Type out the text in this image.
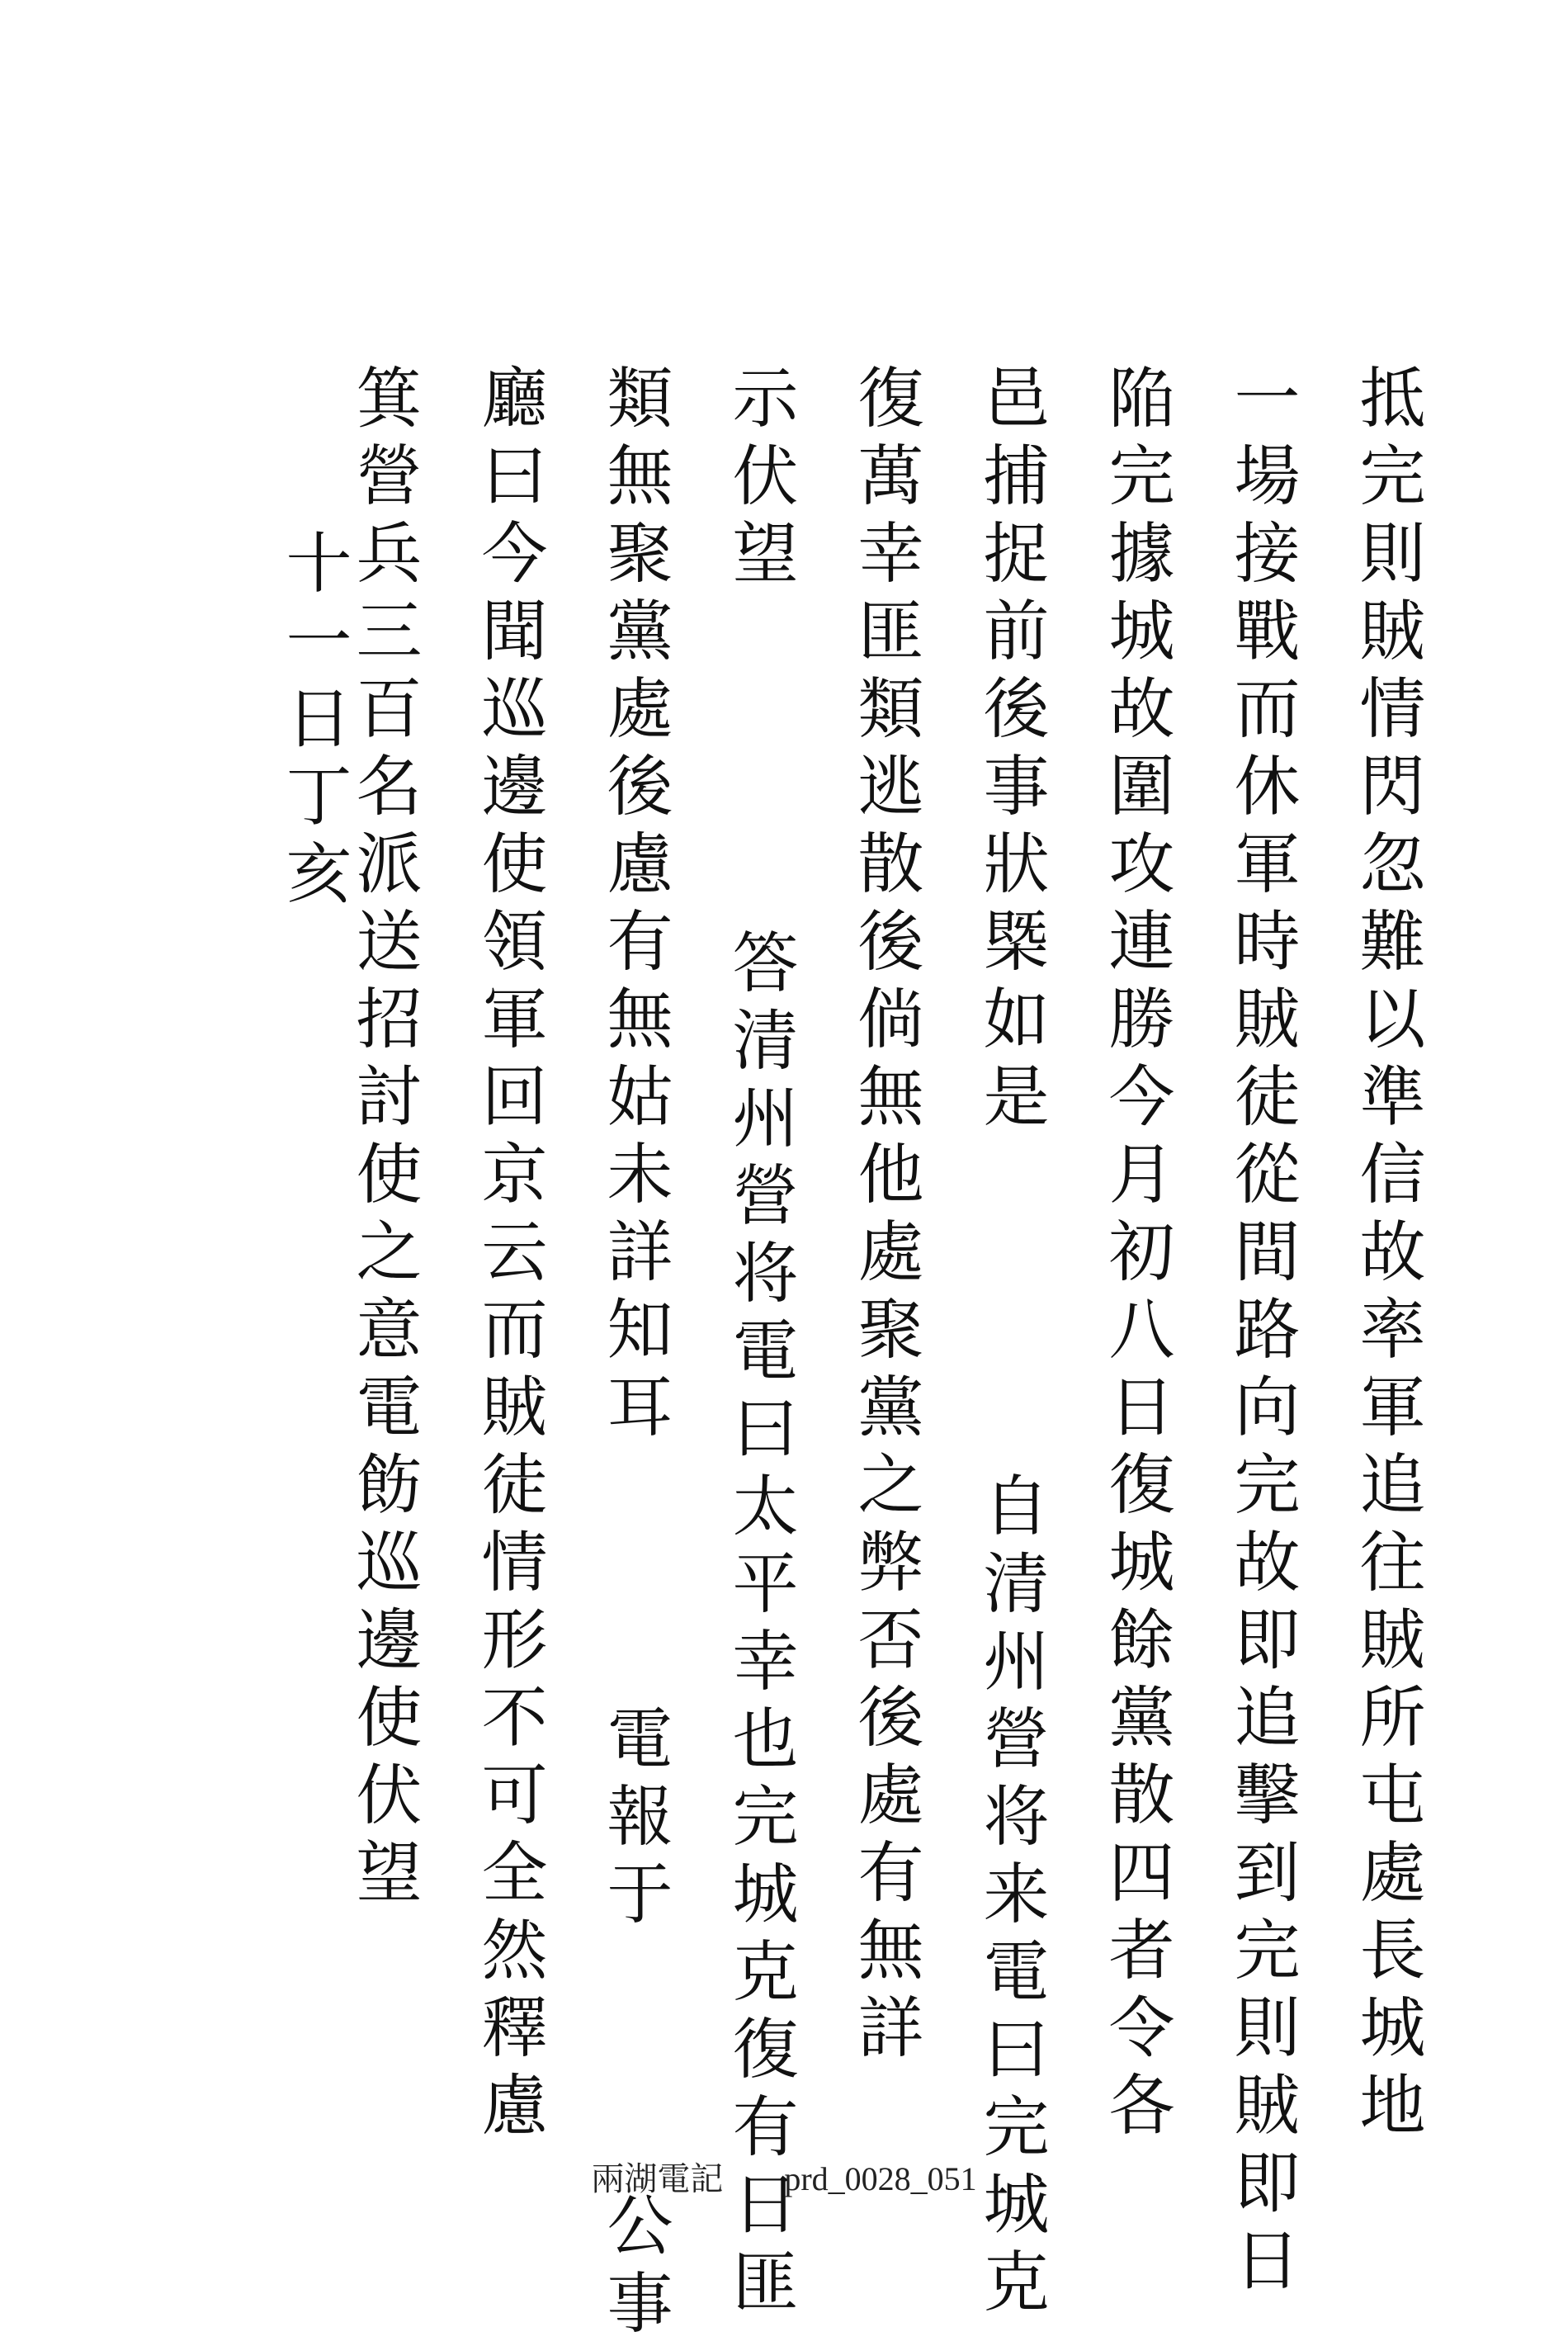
抵完則賊情閃忽難以準信故率軍追往賊所屯處長城地
一場接戰而休軍時賊徒從間路向完故即追擊到完則賊即日
陥完據城故圍攻連勝今月初八日復城餘黨散四者令各
邑捕捉前後事狀槩如是 　　 自清州營将来電曰完城克
復萬幸匪類逃散後倘無他處聚黨之弊否後處有無詳
示伏望 　　 答清州營将電曰太平幸也完城克復有日匪
類無聚黨處後慮有無姑未詳知耳 　 電報于 　 公事
廳曰今聞巡邊使領軍回京云而賊徒情形不可全然釋慮
箕營兵三百名派送招討使之意電飭巡邊使伏望
十一日丁亥
兩湖電記 prd_0028_051
